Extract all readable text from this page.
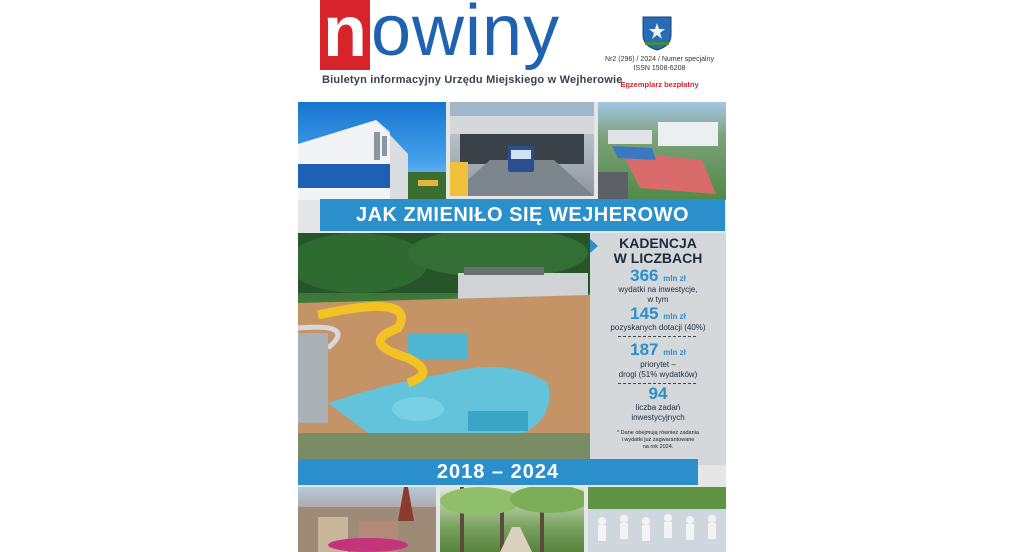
n owiny
Biuletyn informacyjny Urzędu Miejskiego w Wejherowie
Nr2 (296) / 2024 / Numer specjalny
ISSN 1508-6208
Egzemplarz bezpłatny
JAK ZMIENIŁO SIĘ WEJHEROWO
KADENCJA
W LICZBACH
366 mln zł
wydatki na inwestycje,
w tym
145 mln zł
pozyskanych dotacji (40%)
187 mln zł
priorytet –
drogi (51% wydatków)
94
liczba zadań
inwestycyjnych
* Dane obejmują również zadania
i wydatki już zagwarantowane
na rok 2024.
2018 – 2024
